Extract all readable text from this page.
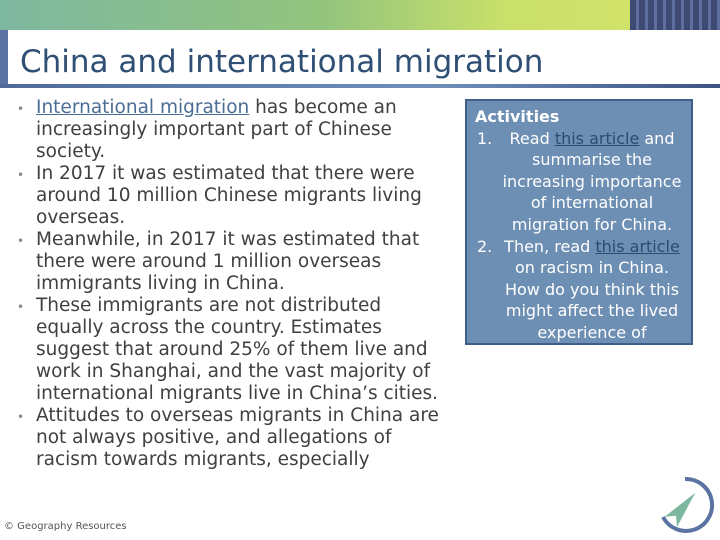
China and international migration
• International migration has become an increasingly important part of Chinese society.
• In 2017 it was estimated that there were around 10 million Chinese migrants living overseas.
• Meanwhile, in 2017 it was estimated that there were around 1 million overseas immigrants living in China.
• These immigrants are not distributed equally across the country. Estimates suggest that around 25% of them live and work in Shanghai, and the vast majority of international migrants live in China’s cities.
• Attitudes to overseas migrants in China are not always positive, and allegations of racism towards migrants, especially
Activities
1. Read this article and summarise the increasing importance of international migration for China.
2. Then, read this article on racism in China. How do you think this might affect the lived experience of migrants in China?
© Geography Resources
